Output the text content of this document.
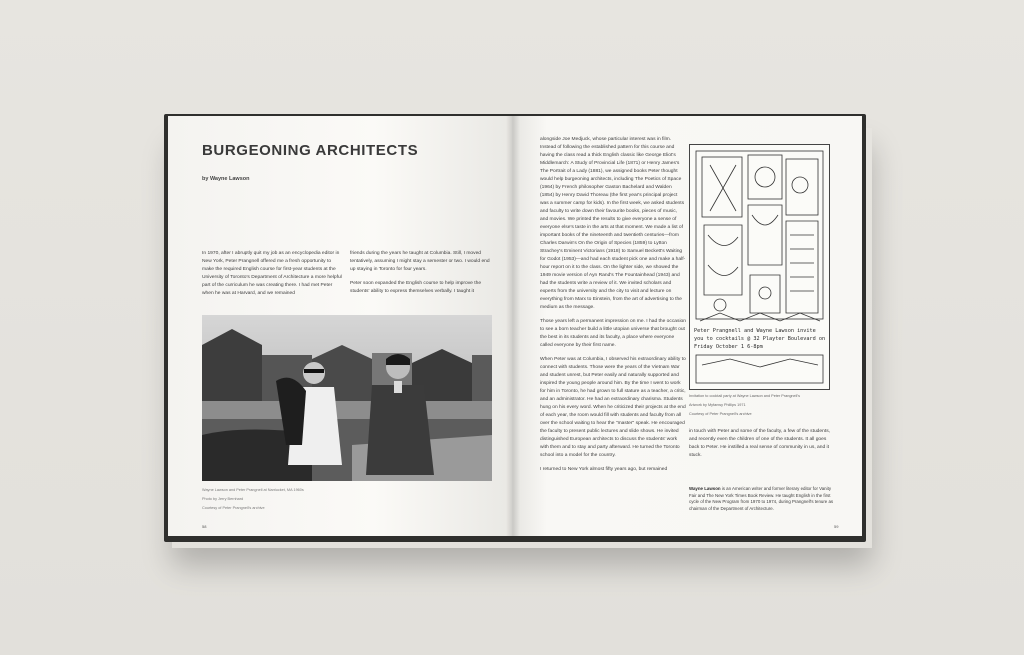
BURGEONING ARCHITECTS
by Wayne Lawson
In 1970, after I abruptly quit my job as an encyclopedia editor in New York, Peter Prangnell offered me a fresh opportunity to make the required English course for first-year students at the University of Toronto's Department of Architecture a more helpful part of the curriculum he was creating there. I had met Peter when he was at Harvard, and we remained

friends during the years he taught at Columbia. Still, I moved tentatively, assuming I might stay a semester or two. I would end up staying in Toronto for four years.

Peter soon expanded the English course to help improve the students' ability to express themselves verbally. I taught it

Wayne Lawson and Peter Prangnell at Nantucket, MA 1960s
Photo by Jerry Bernhard
Courtesy of Peter Prangnell's archive
58

alongside Joe Medjuck, whose particular interest was in film. Instead of following the established pattern for this course and having the class read a thick English classic like George Eliot's Middlemarch: A Study of Provincial Life (1871) or Henry James's The Portrait of a Lady (1881), we assigned books Peter thought would help burgeoning architects, including The Poetics of Space (1964) by French philosopher Gaston Bachelard and Walden (1854) by Henry David Thoreau (the first year's principal project was a summer camp for kids). In the first week, we asked students and faculty to write down their favourite books, pieces of music, and movies. We printed the results to give everyone a sense of everyone else's taste in the arts at that moment. We made a list of important books of the nineteenth and twentieth centuries—from Charles Darwin's On the Origin of Species (1859) to Lytton Strachey's Eminent Victorians (1918) to Samuel Beckett's Waiting for Godot (1953)—and had each student pick one and make a half-hour report on it to the class. On the lighter side, we showed the 1949 movie version of Ayn Rand's The Fountainhead (1943) and had the students write a review of it. We invited scholars and experts from the university and the city to visit and lecture on everything from Marx to Einstein, from the art of advertising to the medium as the message.

Those years left a permanent impression on me. I had the occasion to see a born teacher build a little utopian universe that brought out the best in its students and its faculty, a place where everyone called everyone by their first name.

When Peter was at Columbia, I observed his extraordinary ability to connect with students. Those were the years of the Vietnam War and student unrest, but Peter easily and naturally supported and inspired the young people around him. By the time I went to work for him in Toronto, he had grown to full stature as a teacher, a critic, and an administrator. He had an extraordinary charisma. Students hung on his every word. When he criticized their projects at the end of each year, the room would fill with students and faculty from all over the school waiting to hear the "master" speak. He encouraged the faculty to present public lectures and slide shows. He invited distinguished European architects to discuss the students' work with them and to stay and party afterward. He turned the Toronto school into a model for the country.

I returned to New York almost fifty years ago, but remained

Peter Prangnell and Wayne Lawson invite
you to cocktails @ 32 Playter Boulevard on
Friday October 1 6-8pm
Invitation to cocktail party at Wayne Lawson and Peter Prangnell's
Artwork by Myfanwy Phillips 1971
Courtesy of Peter Prangnell's archive

in touch with Peter and some of the faculty, a few of the students, and recently even the children of one of the students. It all goes back to Peter. He instilled a real sense of community in us, and it stuck.

Wayne Lawson is an American writer and former literary editor for Vanity Fair and The New York Times Book Review. He taught English in the first cycle of the New Program from 1970 to 1974, during Prangnell's tenure as chairman of the Department of Architecture.
59
